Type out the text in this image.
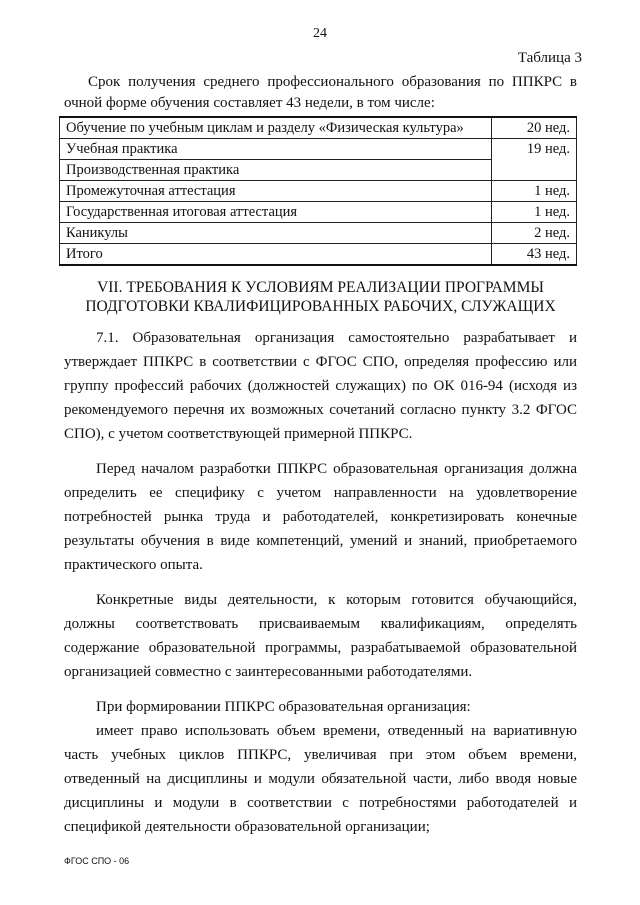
24
Таблица 3
Срок получения среднего профессионального образования по ППКРС в очной форме обучения составляет 43 недели, в том числе:
Обучение по учебным циклам и разделу «Физическая культура»	20 нед.
Учебная практика	19 нед.
Производственная практика	
Промежуточная аттестация	1 нед.
Государственная итоговая аттестация	1 нед.
Каникулы	2 нед.
Итого	43 нед.
VII. ТРЕБОВАНИЯ К УСЛОВИЯМ РЕАЛИЗАЦИИ ПРОГРАММЫ
ПОДГОТОВКИ КВАЛИФИЦИРОВАННЫХ РАБОЧИХ, СЛУЖАЩИХ

7.1. Образовательная организация самостоятельно разрабатывает и утверждает ППКРС в соответствии с ФГОС СПО, определяя профессию или группу профессий рабочих (должностей служащих) по ОК 016-94 (исходя из рекомендуемого перечня их возможных сочетаний согласно пункту 3.2 ФГОС СПО), с учетом соответствующей примерной ППКРС.

Перед началом разработки ППКРС образовательная организация должна определить ее специфику с учетом направленности на удовлетворение потребностей рынка труда и работодателей, конкретизировать конечные результаты обучения в виде компетенций, умений и знаний, приобретаемого практического опыта.

Конкретные виды деятельности, к которым готовится обучающийся, должны соответствовать присваиваемым квалификациям, определять содержание образовательной программы, разрабатываемой образовательной организацией совместно с заинтересованными работодателями.

При формировании ППКРС образовательная организация:

имеет право использовать объем времени, отведенный на вариативную часть учебных циклов ППКРС, увеличивая при этом объем времени, отведенный на дисциплины и модули обязательной части, либо вводя новые дисциплины и модули в соответствии с потребностями работодателей и спецификой деятельности образовательной организации;

ФГОС СПО - 06
